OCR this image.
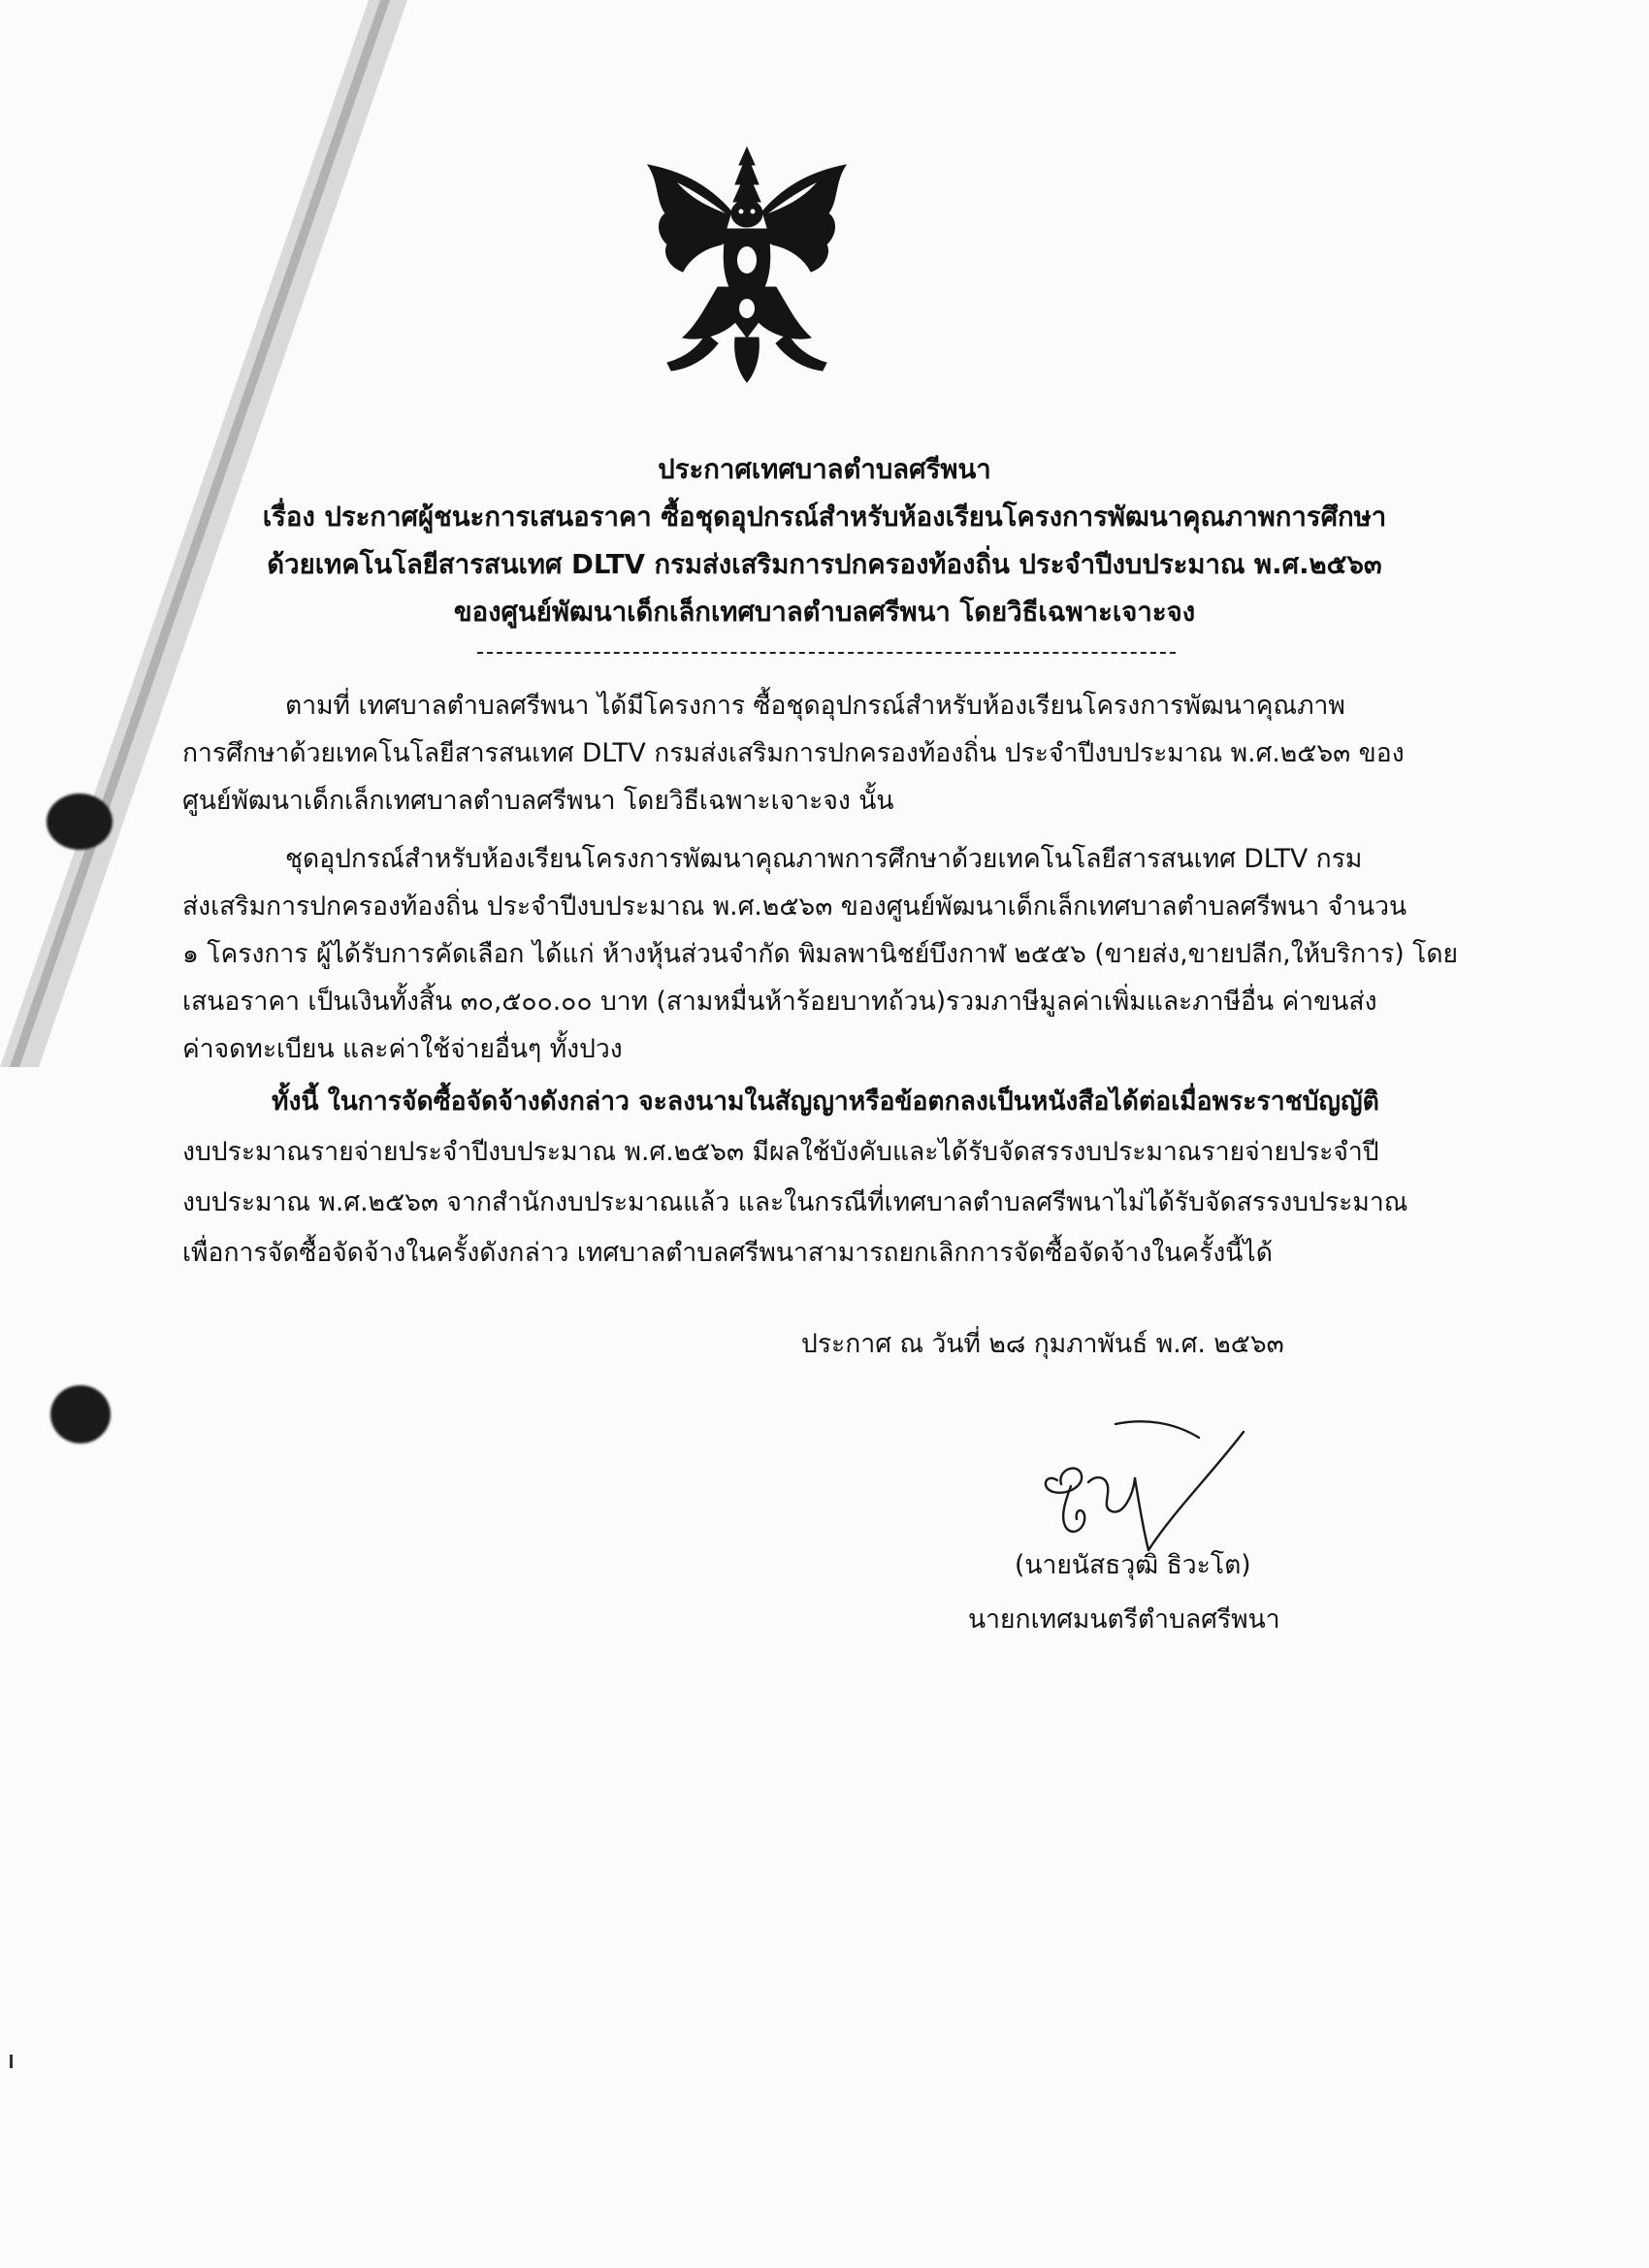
ประกาศเทศบาลตำบลศรีพนา
เรื่อง ประกาศผู้ชนะการเสนอราคา ซื้อชุดอุปกรณ์สำหรับห้องเรียนโครงการพัฒนาคุณภาพการศึกษา
ด้วยเทคโนโลยีสารสนเทศ DLTV กรมส่งเสริมการปกครองท้องถิ่น ประจำปีงบประมาณ พ.ศ.๒๕๖๓
ของศูนย์พัฒนาเด็กเล็กเทศบาลตำบลศรีพนา โดยวิธีเฉพาะเจาะจง
ตามที่ เทศบาลตำบลศรีพนา ได้มีโครงการ ซื้อชุดอุปกรณ์สำหรับห้องเรียนโครงการพัฒนาคุณภาพ
การศึกษาด้วยเทคโนโลยีสารสนเทศ DLTV กรมส่งเสริมการปกครองท้องถิ่น ประจำปีงบประมาณ พ.ศ.๒๕๖๓ ของ
ศูนย์พัฒนาเด็กเล็กเทศบาลตำบลศรีพนา โดยวิธีเฉพาะเจาะจง นั้น
ชุดอุปกรณ์สำหรับห้องเรียนโครงการพัฒนาคุณภาพการศึกษาด้วยเทคโนโลยีสารสนเทศ DLTV กรม
ส่งเสริมการปกครองท้องถิ่น ประจำปีงบประมาณ พ.ศ.๒๕๖๓ ของศูนย์พัฒนาเด็กเล็กเทศบาลตำบลศรีพนา จำนวน
๑ โครงการ ผู้ได้รับการคัดเลือก ได้แก่ ห้างหุ้นส่วนจำกัด พิมลพานิชย์บึงกาฬ ๒๕๕๖ (ขายส่ง,ขายปลีก,ให้บริการ) โดย
เสนอราคา เป็นเงินทั้งสิ้น ๓๐,๕๐๐.๐๐ บาท (สามหมื่นห้าร้อยบาทถ้วน)รวมภาษีมูลค่าเพิ่มและภาษีอื่น ค่าขนส่ง
ค่าจดทะเบียน และค่าใช้จ่ายอื่นๆ ทั้งปวง
ทั้งนี้ ในการจัดซื้อจัดจ้างดังกล่าว จะลงนามในสัญญาหรือข้อตกลงเป็นหนังสือได้ต่อเมื่อพระราชบัญญัติ
งบประมาณรายจ่ายประจำปีงบประมาณ พ.ศ.๒๕๖๓ มีผลใช้บังคับและได้รับจัดสรรงบประมาณรายจ่ายประจำปี
งบประมาณ พ.ศ.๒๕๖๓ จากสำนักงบประมาณแล้ว และในกรณีที่เทศบาลตำบลศรีพนาไม่ได้รับจัดสรรงบประมาณ
เพื่อการจัดซื้อจัดจ้างในครั้งดังกล่าว เทศบาลตำบลศรีพนาสามารถยกเลิกการจัดซื้อจัดจ้างในครั้งนี้ได้
ประกาศ ณ วันที่ ๒๘ กุมภาพันธ์ พ.ศ. ๒๕๖๓
(นายนัสธวุฒิ ธิวะโต)
นายกเทศมนตรีตำบลศรีพนา
